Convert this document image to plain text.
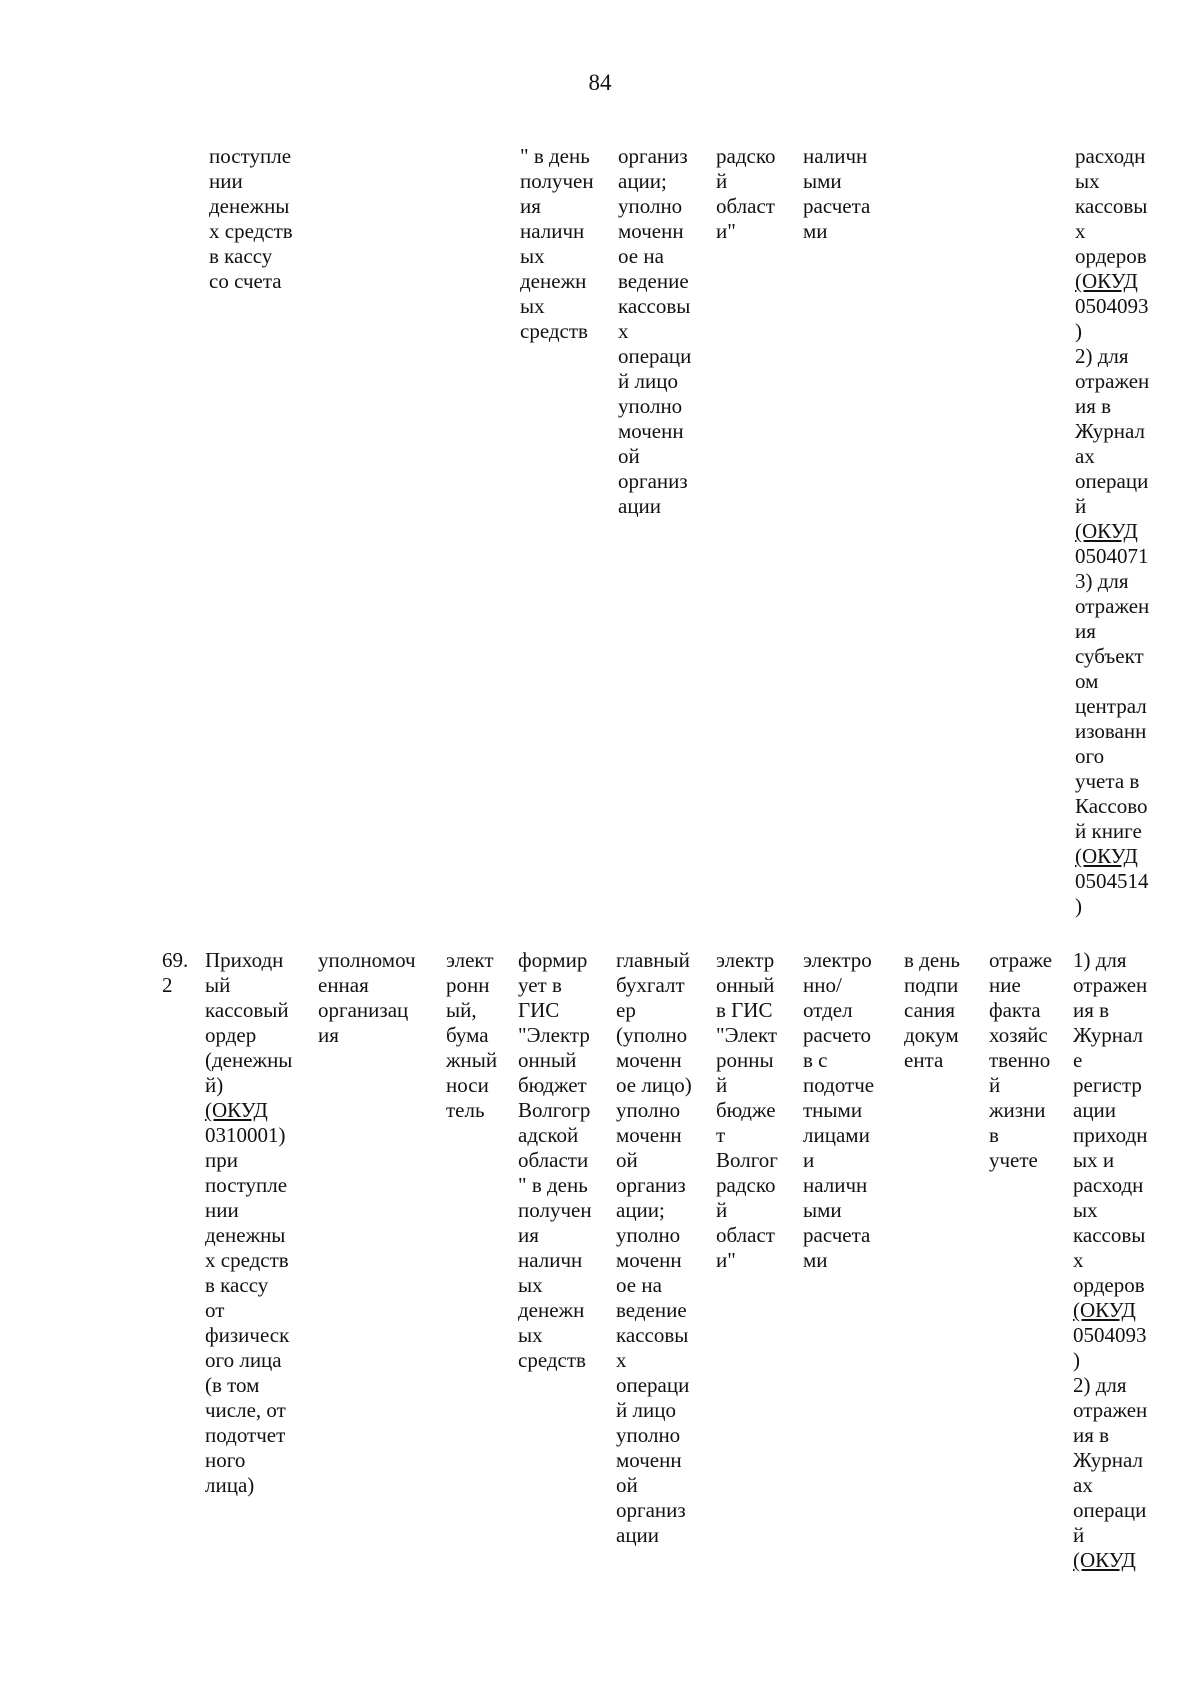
84
поступле
нии
денежны
х средств
в кассу
со счета
" в день
получен
ия
наличн
ых
денежн
ых
средств
организ
ации;
уполно
моченн
ое на
ведение
кассовы
х
операци
й лицо
уполно
моченн
ой
организ
ации
радско
й
област
и"
наличн
ыми
расчета
ми
расходн
ых
кассовы
х
ордеров
(ОКУД
0504093
)
2) для
отражен
ия в
Журнал
ах
операци
й
(ОКУД
0504071
3) для
отражен
ия
субъект
ом
централ
изованн
ого
учета в
Кассово
й книге
(ОКУД
0504514
)
69.
2
Приходн
ый
кассовый
ордер
(денежны
й)
(ОКУД
0310001)
при
поступле
нии
денежны
х средств
в кассу
от
физическ
ого лица
(в том
числе, от
подотчет
ного
лица)
уполномоч
енная
организац
ия
элект
ронн
ый,
бума
жный
носи
тель
формир
ует в
ГИС
"Электр
онный
бюджет
Волгогр
адской
области
" в день
получен
ия
наличн
ых
денежн
ых
средств
главный
бухгалт
ер
(уполно
моченн
ое лицо)
уполно
моченн
ой
организ
ации;
уполно
моченн
ое на
ведение
кассовы
х
операци
й лицо
уполно
моченн
ой
организ
ации
электр
онный
в ГИС
"Элект
ронны
й
бюдже
т
Волгог
радско
й
област
и"
электро
нно/
отдел
расчето
в с
подотче
тными
лицами
и
наличн
ыми
расчета
ми
в день
подпи
сания
докум
ента
отраже
ние
факта
хозяйс
твенно
й
жизни
в
учете
1) для
отражен
ия в
Журнал
е
регистр
ации
приходн
ых и
расходн
ых
кассовы
х
ордеров
(ОКУД
0504093
)
2) для
отражен
ия в
Журнал
ах
операци
й
(ОКУД
